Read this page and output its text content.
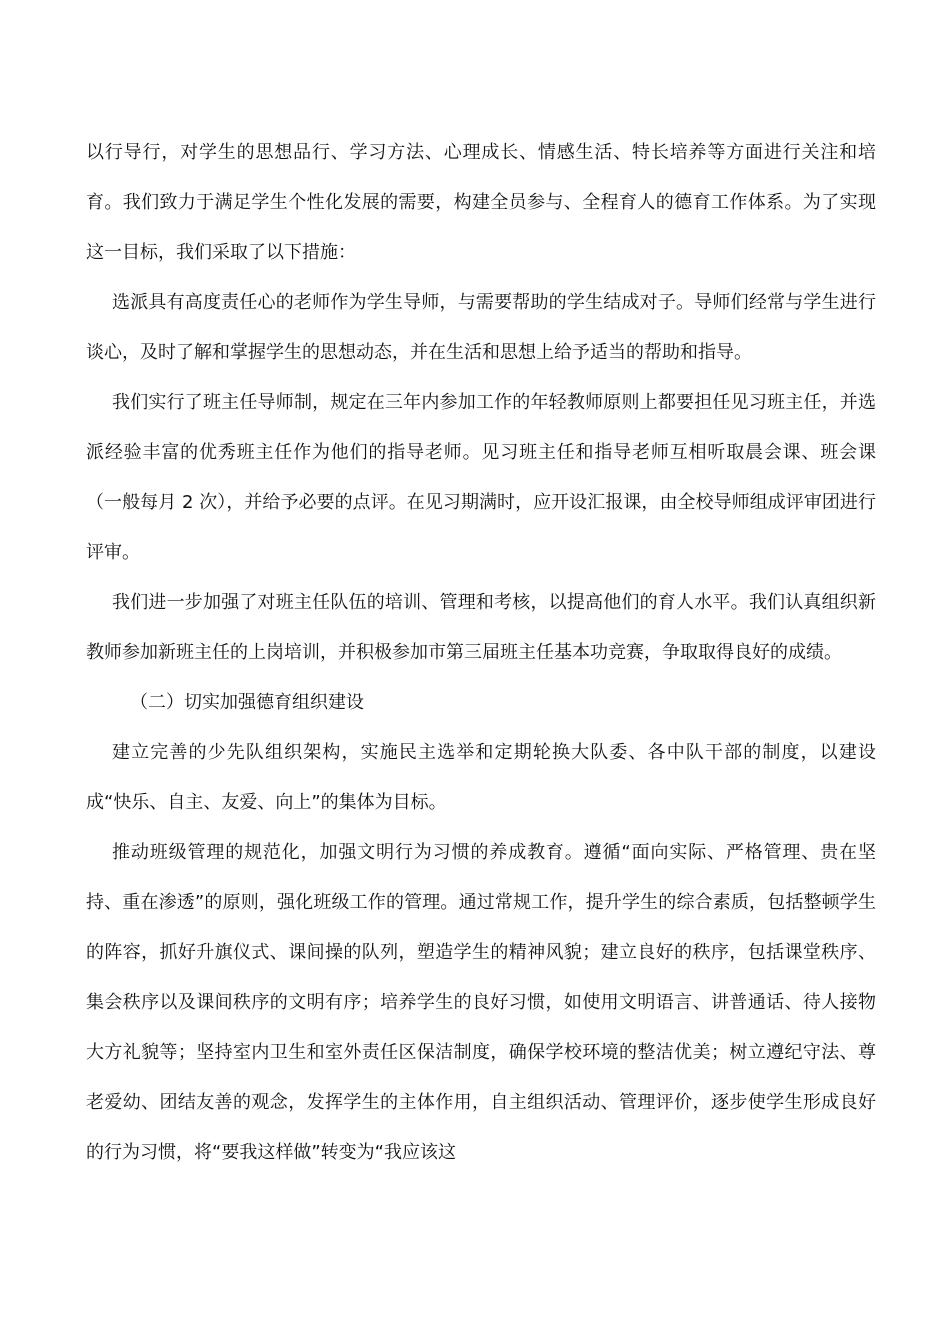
以行导行，对学生的思想品行、学习方法、心理成长、情感生活、特长培养等方面进行关注和培育。我们致力于满足学生个性化发展的需要，构建全员参与、全程育人的德育工作体系。为了实现这一目标，我们采取了以下措施：

选派具有高度责任心的老师作为学生导师，与需要帮助的学生结成对子。导师们经常与学生进行谈心，及时了解和掌握学生的思想动态，并在生活和思想上给予适当的帮助和指导。

我们实行了班主任导师制，规定在三年内参加工作的年轻教师原则上都要担任见习班主任，并选派经验丰富的优秀班主任作为他们的指导老师。见习班主任和指导老师互相听取晨会课、班会课（一般每月 2 次），并给予必要的点评。在见习期满时，应开设汇报课，由全校导师组成评审团进行评审。

我们进一步加强了对班主任队伍的培训、管理和考核，以提高他们的育人水平。我们认真组织新教师参加新班主任的上岗培训，并积极参加市第三届班主任基本功竞赛，争取取得良好的成绩。

（二）切实加强德育组织建设

建立完善的少先队组织架构，实施民主选举和定期轮换大队委、各中队干部的制度，以建设成“快乐、自主、友爱、向上”的集体为目标。

推动班级管理的规范化，加强文明行为习惯的养成教育。遵循“面向实际、严格管理、贵在坚持、重在渗透”的原则，强化班级工作的管理。通过常规工作，提升学生的综合素质，包括整顿学生的阵容，抓好升旗仪式、课间操的队列，塑造学生的精神风貌；建立良好的秩序，包括课堂秩序、集会秩序以及课间秩序的文明有序；培养学生的良好习惯，如使用文明语言、讲普通话、待人接物大方礼貌等；坚持室内卫生和室外责任区保洁制度，确保学校环境的整洁优美；树立遵纪守法、尊老爱幼、团结友善的观念，发挥学生的主体作用，自主组织活动、管理评价，逐步使学生形成良好的行为习惯，将“要我这样做”转变为“我应该这
